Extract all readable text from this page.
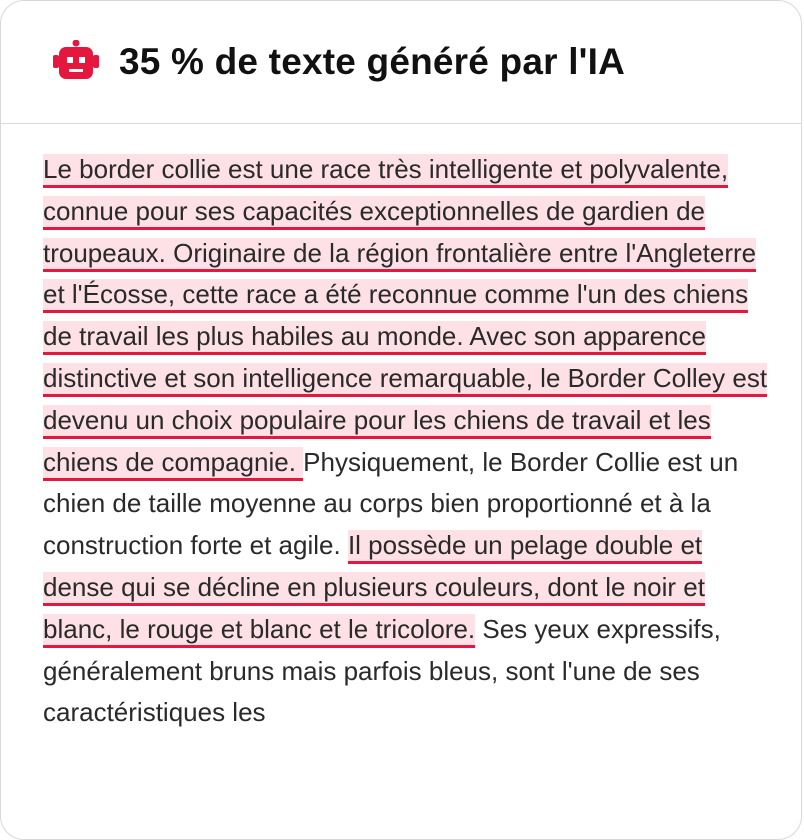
35 % de texte généré par l'IA
Le border collie est une race très intelligente et polyvalente, connue pour ses capacités exceptionnelles de gardien de troupeaux. Originaire de la région frontalière entre l'Angleterre et l'Écosse, cette race a été reconnue comme l'un des chiens de travail les plus habiles au monde. Avec son apparence distinctive et son intelligence remarquable, le Border Colley est devenu un choix populaire pour les chiens de travail et les chiens de compagnie. Physiquement, le Border Collie est un chien de taille moyenne au corps bien proportionné et à la construction forte et agile. Il possède un pelage double et dense qui se décline en plusieurs couleurs, dont le noir et blanc, le rouge et blanc et le tricolore. Ses yeux expressifs, généralement bruns mais parfois bleus, sont l'une de ses caractéristiques les
